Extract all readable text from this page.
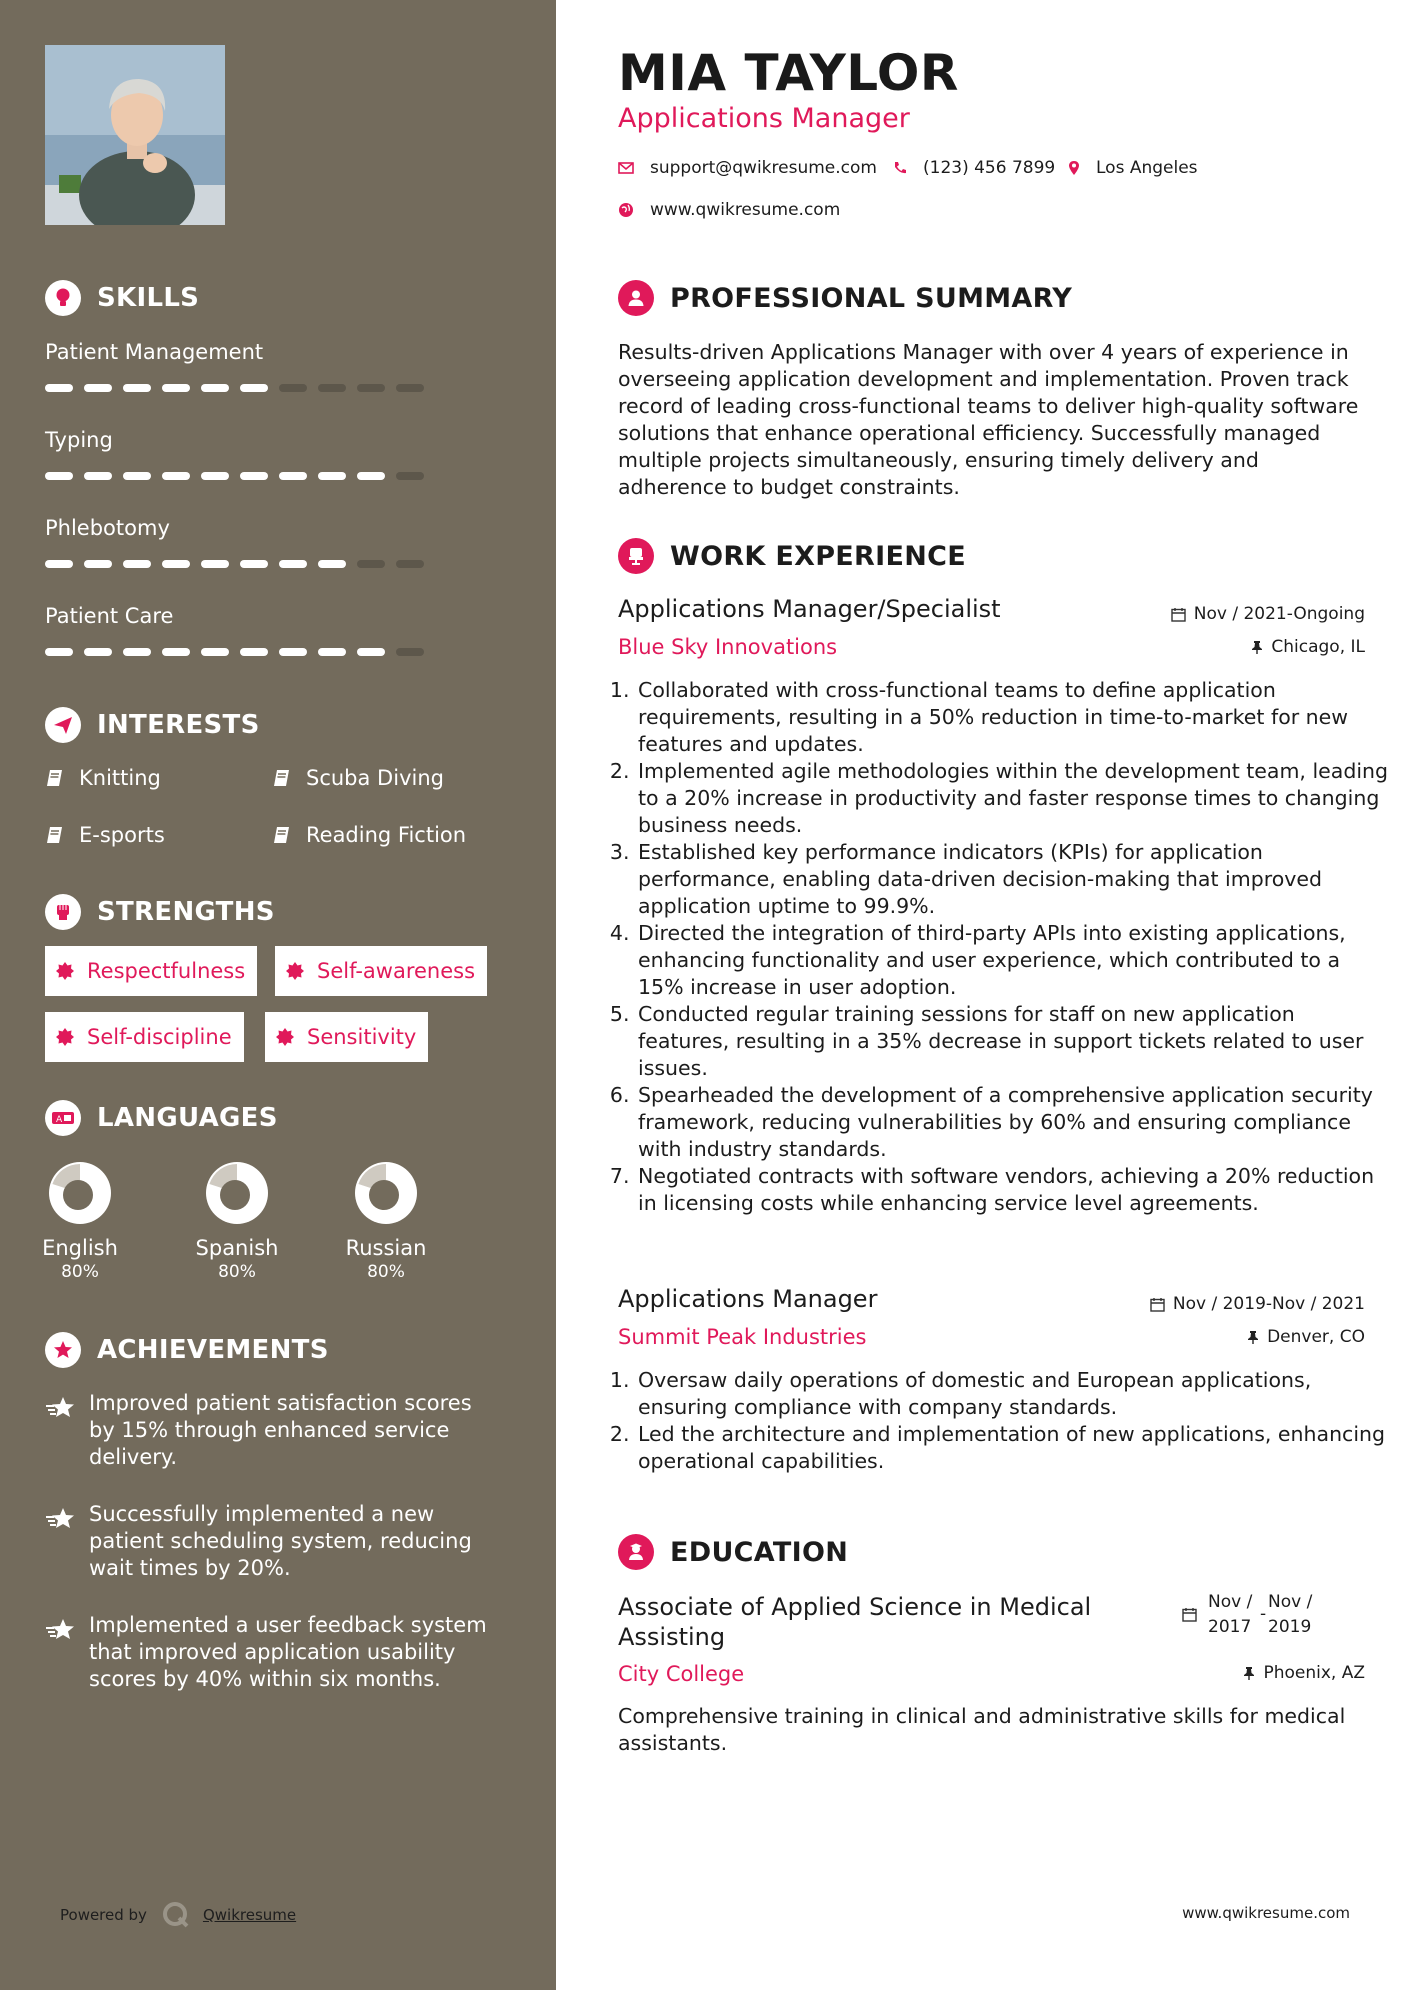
SKILLS
Patient Management
Typing
Phlebotomy
Patient Care
INTERESTS
Knitting	Scuba Diving
E-sports	Reading Fiction
STRENGTHS
Respectfulness	Self-awareness
Self-discipline	Sensitivity
A LANGUAGES
English
80%
Spanish
80%
Russian
80%
ACHIEVEMENTS
Improved patient satisfaction scores by 15% through enhanced service delivery.
Successfully implemented a new patient scheduling system, reducing wait times by 20%.
Implemented a user feedback system that improved application usability scores by 40% within six months.
Powered by	Qwikresume
MIA TAYLOR
Applications Manager
support@qwikresume.com	(123) 456 7899 Los Angeles
www.qwikresume.com
PROFESSIONAL SUMMARY
Results-driven Applications Manager with over 4 years of experience in overseeing application development and implementation. Proven track record of leading cross-functional teams to deliver high-quality software solutions that enhance operational efficiency. Successfully managed multiple projects simultaneously, ensuring timely delivery and adherence to budget constraints.
WORK EXPERIENCE
Applications Manager/Specialist	Nov / 2021-Ongoing
Blue Sky Innovations	Chicago, IL
1. Collaborated with cross-functional teams to define application requirements, resulting in a 50% reduction in time-to-market for new features and updates.
2. Implemented agile methodologies within the development team, leading to a 20% increase in productivity and faster response times to changing business needs.
3. Established key performance indicators (KPIs) for application performance, enabling data-driven decision-making that improved application uptime to 99.9%.
4. Directed the integration of third-party APIs into existing applications, enhancing functionality and user experience, which contributed to a 15% increase in user adoption.
5. Conducted regular training sessions for staff on new application features, resulting in a 35% decrease in support tickets related to user issues.
6. Spearheaded the development of a comprehensive application security framework, reducing vulnerabilities by 60% and ensuring compliance with industry standards.
7. Negotiated contracts with software vendors, achieving a 20% reduction in licensing costs while enhancing service level agreements.
Applications Manager	Nov / 2019-Nov / 2021
Summit Peak Industries	Denver, CO
1. Oversaw daily operations of domestic and European applications, ensuring compliance with company standards.
2. Led the architecture and implementation of new applications, enhancing operational capabilities.
EDUCATION
Associate of Applied Science in Medical Assisting
Nov /
2017
-
Nov /
2019
City College	Phoenix, AZ
Comprehensive training in clinical and administrative skills for medical assistants.
www.qwikresume.com
